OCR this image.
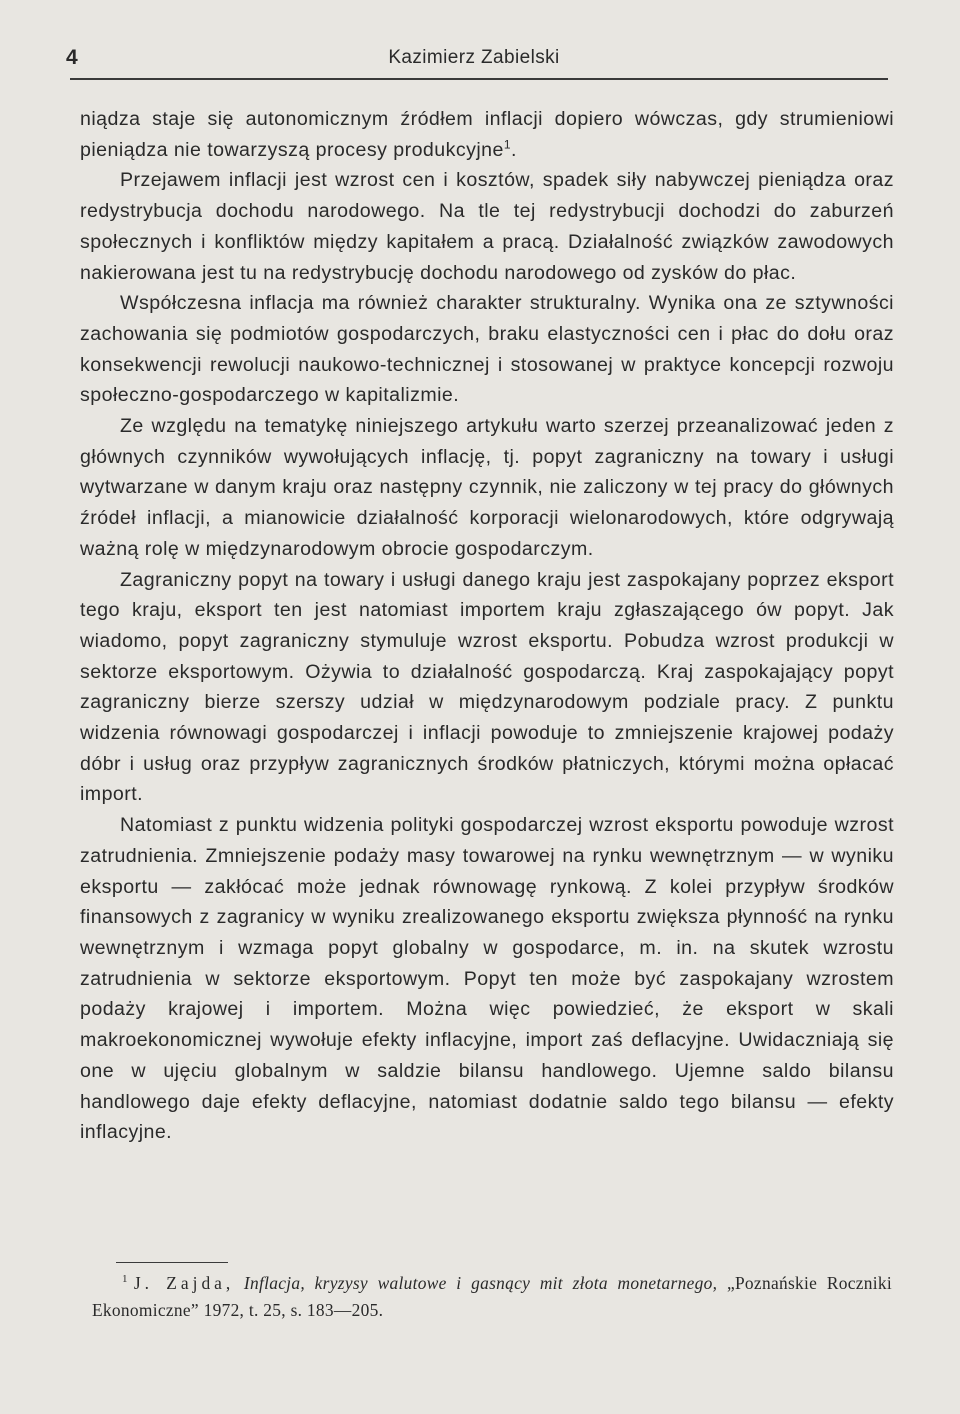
4	Kazimierz Zabielski

niądza staje się autonomicznym źródłem inflacji dopiero wówczas, gdy strumieniowi pieniądza nie towarzyszą procesy produkcyjne$^1$.

Przejawem inflacji jest wzrost cen i kosztów, spadek siły nabywczej pieniądza oraz redystrybucja dochodu narodowego. Na tle tej redystrybucji dochodzi do zaburzeń społecznych i konfliktów między kapitałem a pracą. Działalność związków zawodowych nakierowana jest tu na redystrybucję dochodu narodowego od zysków do płac.

Współczesna inflacja ma również charakter strukturalny. Wynika ona ze sztywności zachowania się podmiotów gospodarczych, braku elastyczności cen i płac do dołu oraz konsekwencji rewolucji naukowo-technicznej i stosowanej w praktyce koncepcji rozwoju społeczno-gospodarczego w kapitalizmie.

Ze względu na tematykę niniejszego artykułu warto szerzej przeanalizować jeden z głównych czynników wywołujących inflację, tj. popyt zagraniczny na towary i usługi wytwarzane w danym kraju oraz następny czynnik, nie zaliczony w tej pracy do głównych źródeł inflacji, a mianowicie działalność korporacji wielonarodowych, które odgrywają ważną rolę w międzynarodowym obrocie gospodarczym.

Zagraniczny popyt na towary i usługi danego kraju jest zaspokajany poprzez eksport tego kraju, eksport ten jest natomiast importem kraju zgłaszającego ów popyt. Jak wiadomo, popyt zagraniczny stymuluje wzrost eksportu. Pobudza wzrost produkcji w sektorze eksportowym. Ożywia to działalność gospodarczą. Kraj zaspokajający popyt zagraniczny bierze szerszy udział w międzynarodowym podziale pracy. Z punktu widzenia równowagi gospodarczej i inflacji powoduje to zmniejszenie krajowej podaży dóbr i usług oraz przypływ zagranicznych środków płatniczych, którymi można opłacać import.

Natomiast z punktu widzenia polityki gospodarczej wzrost eksportu powoduje wzrost zatrudnienia. Zmniejszenie podaży masy towarowej na rynku wewnętrznym — w wyniku eksportu — zakłócać może jednak równowagę rynkową. Z kolei przypływ środków finansowych z zagranicy w wyniku zrealizowanego eksportu zwiększa płynność na rynku wewnętrznym i wzmaga popyt globalny w gospodarce, m. in. na skutek wzrostu zatrudnienia w sektorze eksportowym. Popyt ten może być zaspokajany wzrostem podaży krajowej i importem. Można więc powiedzieć, że eksport w skali makroekonomicznej wywołuje efekty inflacyjne, import zaś deflacyjne. Uwidaczniają się one w ujęciu globalnym w saldzie bilansu handlowego. Ujemne saldo bilansu handlowego daje efekty deflacyjne, natomiast dodatnie saldo tego bilansu — efekty inflacyjne.

$^1$ J. Zajda, Inflacja, kryzysy walutowe i gasnący mit złota monetarnego, „Poznańskie Roczniki Ekonomiczne” 1972, t. 25, s. 183—205.
